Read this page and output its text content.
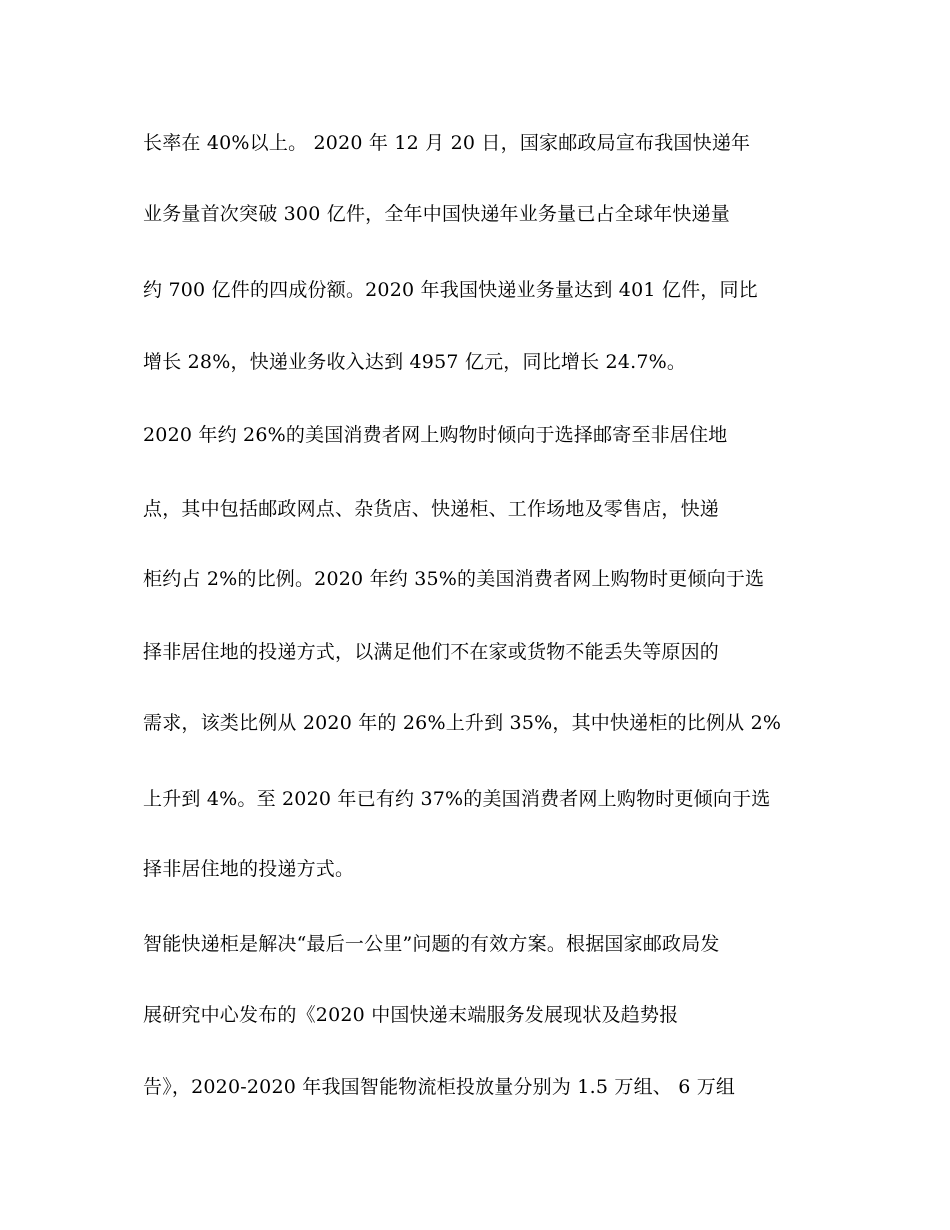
长率在 40%以上。 2020 年 12 月 20 日，国家邮政局宣布我国快递年
业务量首次突破 300 亿件，全年中国快递年业务量已占全球年快递量
约 700 亿件的四成份额。2020 年我国快递业务量达到 401 亿件，同比
增长 28%，快递业务收入达到 4957 亿元，同比增长 24.7%。
2020 年约 26%的美国消费者网上购物时倾向于选择邮寄至非居住地
点，其中包括邮政网点、杂货店、快递柜、工作场地及零售店，快递
柜约占 2%的比例。2020 年约 35%的美国消费者网上购物时更倾向于选
择非居住地的投递方式，以满足他们不在家或货物不能丢失等原因的
需求，该类比例从 2020 年的 26%上升到 35%，其中快递柜的比例从 2%
上升到 4%。至 2020 年已有约 37%的美国消费者网上购物时更倾向于选
择非居住地的投递方式。
智能快递柜是解决“最后一公里”问题的有效方案。根据国家邮政局发
展研究中心发布的《2020 中国快递末端服务发展现状及趋势报
告》，2020-2020 年我国智能物流柜投放量分别为 1.5 万组、 6 万组
